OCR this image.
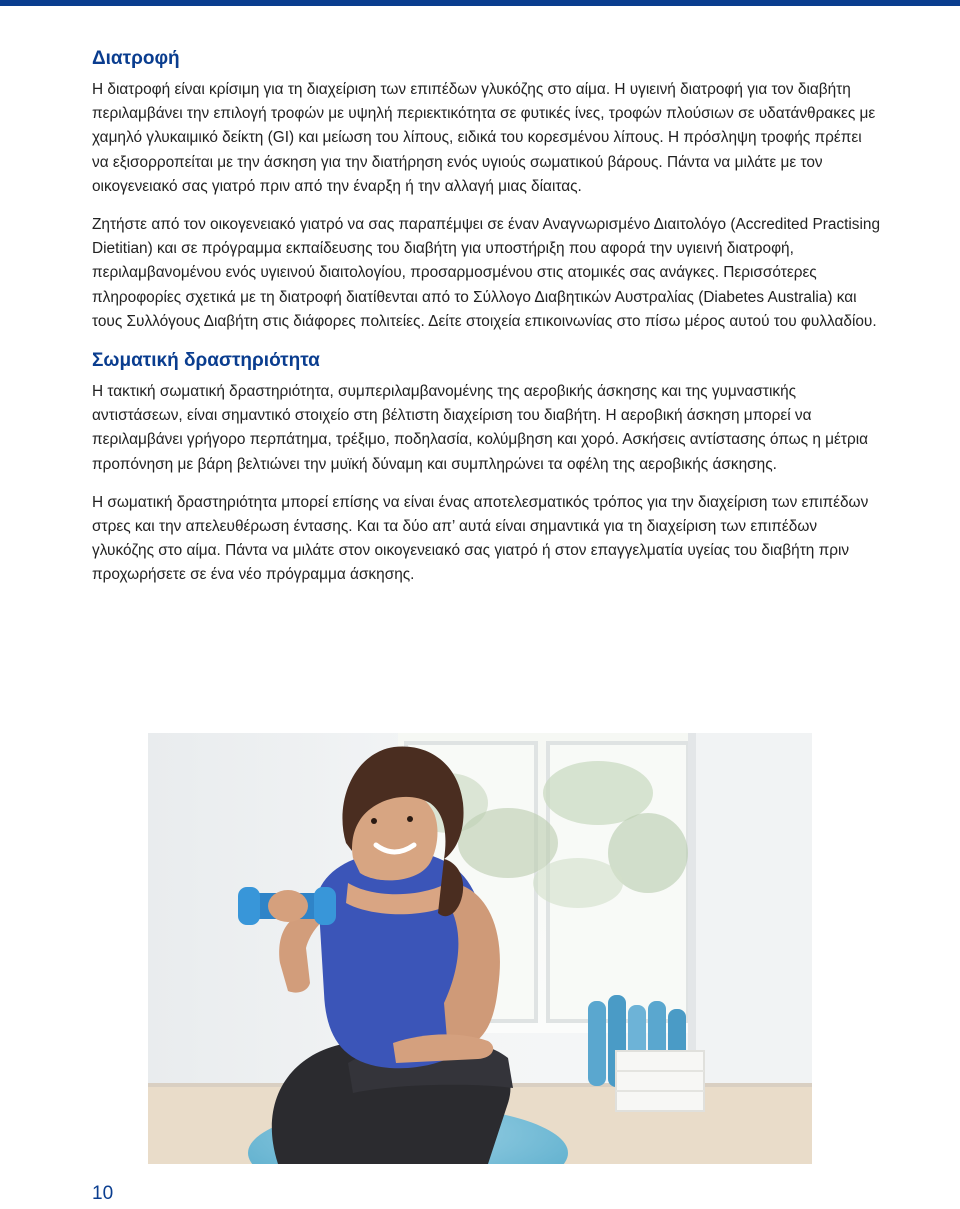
Διατροφή

Η διατροφή είναι κρίσιμη για τη διαχείριση των επιπέδων γλυκόζης στο αίμα. Η υγιεινή διατροφή για τον διαβήτη περιλαμβάνει την επιλογή τροφών με υψηλή περιεκτικότητα σε φυτικές ίνες, τροφών πλούσιων σε υδατάνθρακες με χαμηλό γλυκαιμικό δείκτη (GI) και μείωση του λίπους, ειδικά του κορεσμένου λίπους. Η πρόσληψη τροφής πρέπει να εξισορροπείται με την άσκηση για την διατήρηση ενός υγιούς σωματικού βάρους. Πάντα να μιλάτε με τον οικογενειακό σας γιατρό πριν από την έναρξη ή την αλλαγή μιας δίαιτας.

Ζητήστε από τον οικογενειακό γιατρό να σας παραπέμψει σε έναν Αναγνωρισμένο Διαιτολόγο (Accredited Practising Dietitian) και σε πρόγραμμα εκπαίδευσης του διαβήτη για υποστήριξη που αφορά την υγιεινή διατροφή, περιλαμβανομένου ενός υγιεινού διαιτολογίου, προσαρμοσμένου στις ατομικές σας ανάγκες. Περισσότερες πληροφορίες σχετικά με τη διατροφή διατίθενται από το Σύλλογο Διαβητικών Αυστραλίας (Diabetes Australia) και τους Συλλόγους Διαβήτη στις διάφορες πολιτείες. Δείτε στοιχεία επικοινωνίας στο πίσω μέρος αυτού του φυλλαδίου.

Σωματική δραστηριότητα

Η τακτική σωματική δραστηριότητα, συμπεριλαμβανομένης της αεροβικής άσκησης και της γυμναστικής αντιστάσεων, είναι σημαντικό στοιχείο στη βέλτιστη διαχείριση του διαβήτη. Η αεροβική άσκηση μπορεί να περιλαμβάνει γρήγορο περπάτημα, τρέξιμο, ποδηλασία, κολύμβηση και χορό. Ασκήσεις αντίστασης όπως η μέτρια προπόνηση με βάρη βελτιώνει την μυϊκή δύναμη και συμπληρώνει τα οφέλη της αεροβικής άσκησης.

Η σωματική δραστηριότητα μπορεί επίσης να είναι ένας αποτελεσματικός τρόπος για την διαχείριση των επιπέδων στρες και την απελευθέρωση έντασης. Και τα δύο απ’ αυτά είναι σημαντικά για τη διαχείριση των επιπέδων γλυκόζης στο αίμα. Πάντα να μιλάτε στον οικογενειακό σας γιατρό ή στον επαγγελματία υγείας του διαβήτη πριν προχωρήσετε σε ένα νέο πρόγραμμα άσκησης.

10
